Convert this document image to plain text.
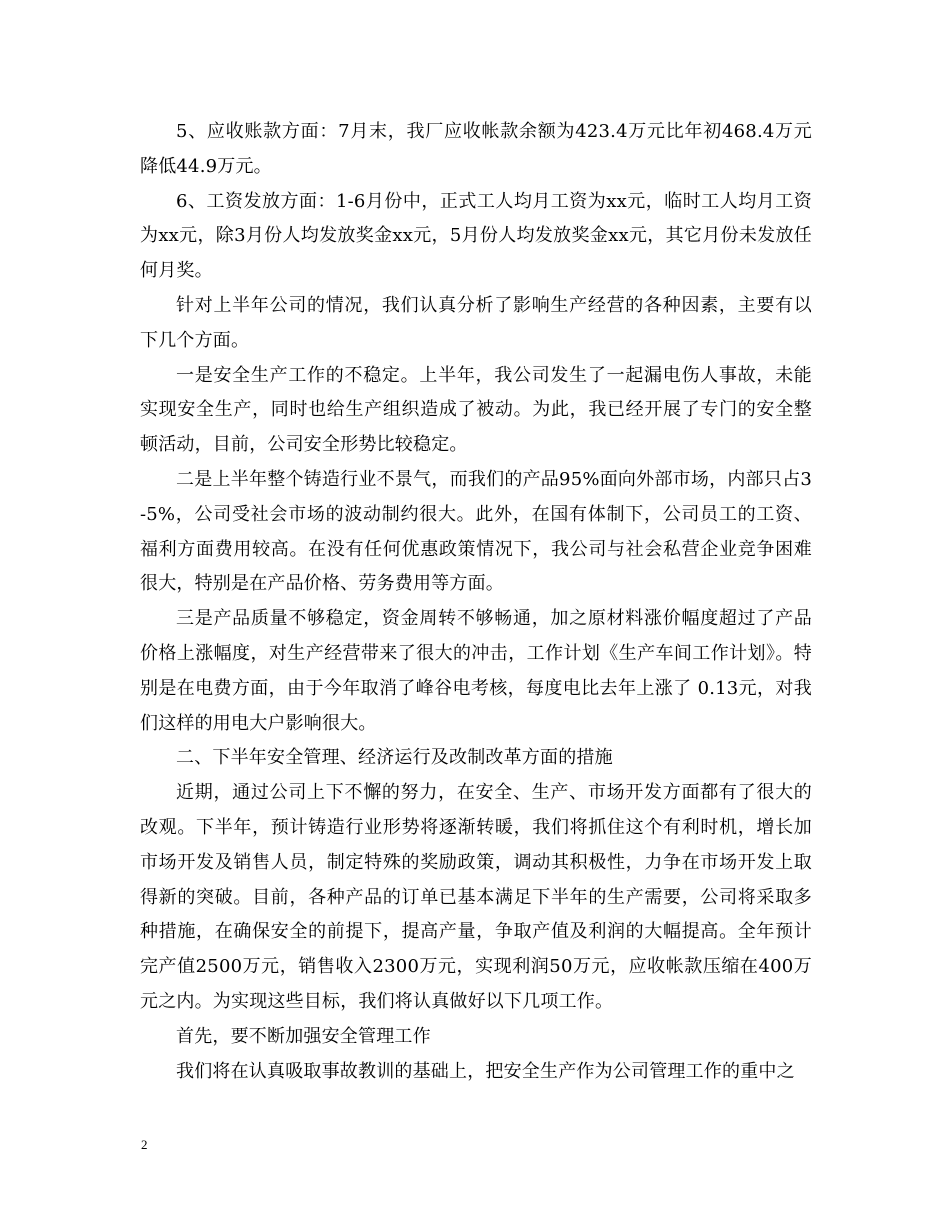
5、应收账款方面：7月末，我厂应收帐款余额为423.4万元比年初468.4万元降低44.9万元。

6、工资发放方面：1-6月份中，正式工人均月工资为xx元，临时工人均月工资为xx元，除3月份人均发放奖金xx元，5月份人均发放奖金xx元，其它月份未发放任何月奖。

针对上半年公司的情况，我们认真分析了影响生产经营的各种因素，主要有以下几个方面。

一是安全生产工作的不稳定。上半年，我公司发生了一起漏电伤人事故，未能实现安全生产，同时也给生产组织造成了被动。为此，我已经开展了专门的安全整顿活动，目前，公司安全形势比较稳定。

二是上半年整个铸造行业不景气，而我们的产品95%面向外部市场，内部只占3-5%，公司受社会市场的波动制约很大。此外，在国有体制下，公司员工的工资、福利方面费用较高。在没有任何优惠政策情况下，我公司与社会私营企业竞争困难很大，特别是在产品价格、劳务费用等方面。

三是产品质量不够稳定，资金周转不够畅通，加之原材料涨价幅度超过了产品价格上涨幅度，对生产经营带来了很大的冲击，工作计划《生产车间工作计划》。特别是在电费方面，由于今年取消了峰谷电考核，每度电比去年上涨了 0.13元，对我们这样的用电大户影响很大。

二、下半年安全管理、经济运行及改制改革方面的措施

近期，通过公司上下不懈的努力，在安全、生产、市场开发方面都有了很大的改观。下半年，预计铸造行业形势将逐渐转暖，我们将抓住这个有利时机，增长加市场开发及销售人员，制定特殊的奖励政策，调动其积极性，力争在市场开发上取得新的突破。目前，各种产品的订单已基本满足下半年的生产需要，公司将采取多种措施，在确保安全的前提下，提高产量，争取产值及利润的大幅提高。全年预计完产值2500万元，销售收入2300万元，实现利润50万元，应收帐款压缩在400万元之内。为实现这些目标，我们将认真做好以下几项工作。

首先，要不断加强安全管理工作

我们将在认真吸取事故教训的基础上，把安全生产作为公司管理工作的重中之

2
